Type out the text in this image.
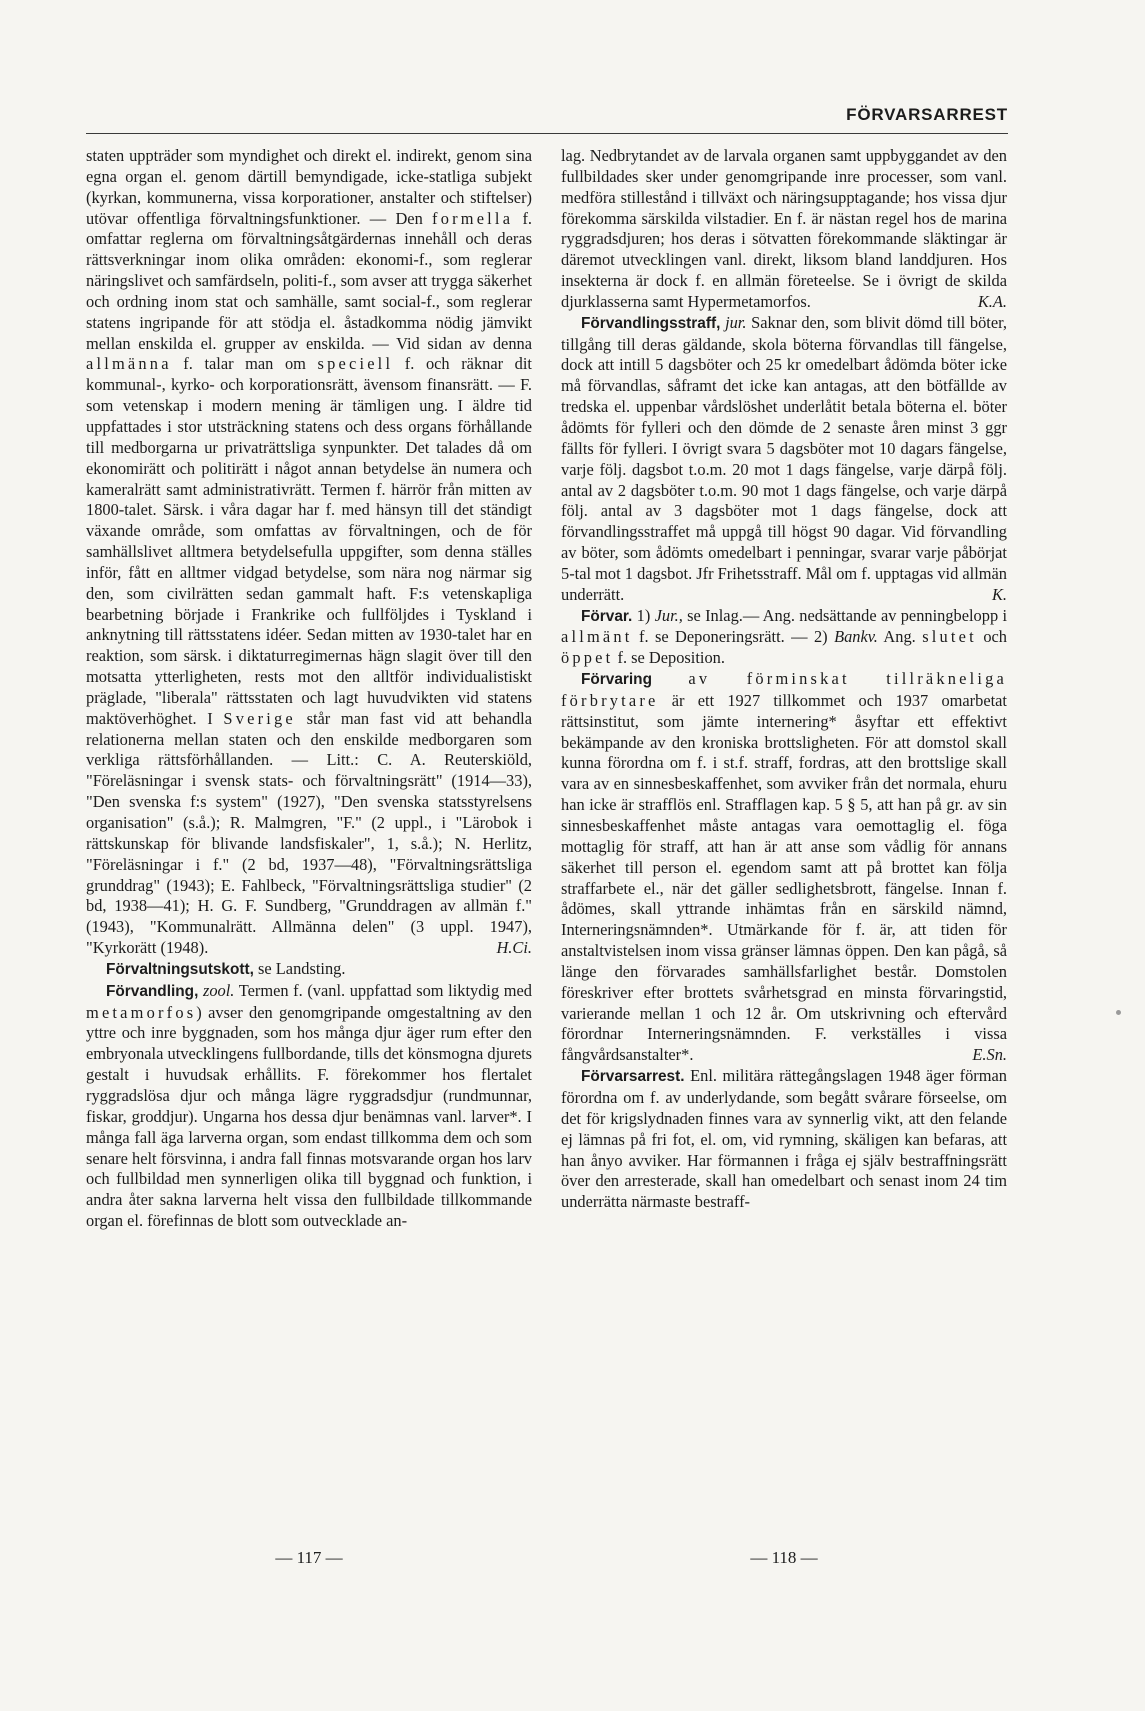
FÖRVARSARREST

staten uppträder som myndighet och direkt el. indirekt, genom sina egna organ el. genom därtill bemyndigade, icke-statliga subjekt (kyrkan, kommunerna, vissa korporationer, anstalter och stiftelser) utövar offentliga förvaltningsfunktioner. — Den formella f. omfattar reglerna om förvaltningsåtgärdernas innehåll och deras rättsverkningar inom olika områden: ekonomi-f., som reglerar näringslivet och samfärdseln, politi-f., som avser att trygga säkerhet och ordning inom stat och samhälle, samt social-f., som reglerar statens ingripande för att stödja el. åstadkomma nödig jämvikt mellan enskilda el. grupper av enskilda. — Vid sidan av denna allmänna f. talar man om speciell f. och räknar dit kommunal-, kyrko- och korporationsrätt, ävensom finansrätt. — F. som vetenskap i modern mening är tämligen ung. I äldre tid uppfattades i stor utsträckning statens och dess organs förhållande till medborgarna ur privaträttsliga synpunkter. Det talades då om ekonomirätt och politirätt i något annan betydelse än numera och kameralrätt samt administrativrätt. Termen f. härrör från mitten av 1800-talet. Särsk. i våra dagar har f. med hänsyn till det ständigt växande område, som omfattas av förvaltningen, och de för samhällslivet alltmera betydelsefulla uppgifter, som denna ställes inför, fått en alltmer vidgad betydelse, som nära nog närmar sig den, som civilrätten sedan gammalt haft. F:s vetenskapliga bearbetning började i Frankrike och fullföljdes i Tyskland i anknytning till rättsstatens idéer. Sedan mitten av 1930-talet har en reaktion, som särsk. i diktaturregimernas hägn slagit över till den motsatta ytterligheten, rests mot den alltför individualistiskt präglade, "liberala" rättsstaten och lagt huvudvikten vid statens maktöverhöghet. I Sverige står man fast vid att behandla relationerna mellan staten och den enskilde medborgaren som verkliga rättsförhållanden. — Litt.: C. A. Reuterskiöld, "Föreläsningar i svensk stats- och förvaltningsrätt" (1914—33), "Den svenska f:s system" (1927), "Den svenska statsstyrelsens organisation" (s.å.); R. Malmgren, "F." (2 uppl., i "Lärobok i rättskunskap för blivande landsfiskaler", 1, s.å.); N. Herlitz, "Föreläsningar i f." (2 bd, 1937—48), "Förvaltningsrättsliga grunddrag" (1943); E. Fahlbeck, "Förvaltningsrättsliga studier" (2 bd, 1938—41); H. G. F. Sundberg, "Grunddragen av allmän f." (1943), "Kommunalrätt. Allmänna delen" (3 uppl. 1947), "Kyrkorätt (1948).	H.Ci.

Förvaltningsutskott, se Landsting.

Förvandling, zool. Termen f. (vanl. uppfattad som liktydig med metamorfos) avser den genomgripande omgestaltning av den yttre och inre byggnaden, som hos många djur äger rum efter den embryonala utvecklingens fullbordande, tills det könsmogna djurets gestalt i huvudsak erhållits. F. förekommer hos flertalet ryggradslösa djur och många lägre ryggradsdjur (rundmunnar, fiskar, groddjur). Ungarna hos dessa djur benämnas vanl. larver*. I många fall äga larverna organ, som endast tillkomma dem och som senare helt försvinna, i andra fall finnas motsvarande organ hos larv och fullbildad men synnerligen olika till byggnad och funktion, i andra åter sakna larverna helt vissa den fullbildade tillkommande organ el. förefinnas de blott som outvecklade an-

lag. Nedbrytandet av de larvala organen samt uppbyggandet av den fullbildades sker under genomgripande inre processer, som vanl. medföra stillestånd i tillväxt och näringsupptagande; hos vissa djur förekomma särskilda vilstadier. En f. är nästan regel hos de marina ryggradsdjuren; hos deras i sötvatten förekommande släktingar är däremot utvecklingen vanl. direkt, liksom bland landdjuren. Hos insekterna är dock f. en allmän företeelse. Se i övrigt de skilda djurklasserna samt Hypermetamorfos.	K.A.

Förvandlingsstraff, jur. Saknar den, som blivit dömd till böter, tillgång till deras gäldande, skola böterna förvandlas till fängelse, dock att intill 5 dagsböter och 25 kr omedelbart ådömda böter icke må förvandlas, såframt det icke kan antagas, att den bötfällde av tredska el. uppenbar vårdslöshet underlåtit betala böterna el. böter ådömts för fylleri och den dömde de 2 senaste åren minst 3 ggr fällts för fylleri. I övrigt svara 5 dagsböter mot 10 dagars fängelse, varje följ. dagsbot t.o.m. 20 mot 1 dags fängelse, varje därpå följ. antal av 2 dagsböter t.o.m. 90 mot 1 dags fängelse, och varje därpå följ. antal av 3 dagsböter mot 1 dags fängelse, dock att förvandlingsstraffet må uppgå till högst 90 dagar. Vid förvandling av böter, som ådömts omedelbart i penningar, svarar varje påbörjat 5-tal mot 1 dagsbot. Jfr Frihetsstraff. Mål om f. upptagas vid allmän underrätt.	K.

Förvar. 1) Jur., se Inlag.— Ang. nedsättande av penningbelopp i allmänt f. se Deponeringsrätt. — 2) Bankv. Ang. slutet och öppet f. se Deposition.

Förvaring av förminskat tillräkneliga förbrytare är ett 1927 tillkommet och 1937 omarbetat rättsinstitut, som jämte internering* åsyftar ett effektivt bekämpande av den kroniska brottsligheten. För att domstol skall kunna förordna om f. i st.f. straff, fordras, att den brottslige skall vara av en sinnesbeskaffenhet, som avviker från det normala, ehuru han icke är strafflös enl. Strafflagen kap. 5 § 5, att han på gr. av sin sinnesbeskaffenhet måste antagas vara oemottaglig el. föga mottaglig för straff, att han är att anse som vådlig för annans säkerhet till person el. egendom samt att på brottet kan följa straffarbete el., när det gäller sedlighetsbrott, fängelse. Innan f. ådömes, skall yttrande inhämtas från en särskild nämnd, Interneringsnämnden*. Utmärkande för f. är, att tiden för anstaltvistelsen inom vissa gränser lämnas öppen. Den kan pågå, så länge den förvarades samhällsfarlighet består. Domstolen föreskriver efter brottets svårhetsgrad en minsta förvaringstid, varierande mellan 1 och 12 år. Om utskrivning och eftervård förordnar Interneringsnämnden. F. verkställes i vissa fångvårdsanstalter*.	E.Sn.

Förvarsarrest. Enl. militära rättegångslagen 1948 äger förman förordna om f. av underlydande, som begått svårare förseelse, om det för krigslydnaden finnes vara av synnerlig vikt, att den felande ej lämnas på fri fot, el. om, vid rymning, skäligen kan befaras, att han ånyo avviker. Har förmannen i fråga ej själv bestraffningsrätt över den arresterade, skall han omedelbart och senast inom 24 tim underrätta närmaste bestraff-

— 117 —	— 118 —
